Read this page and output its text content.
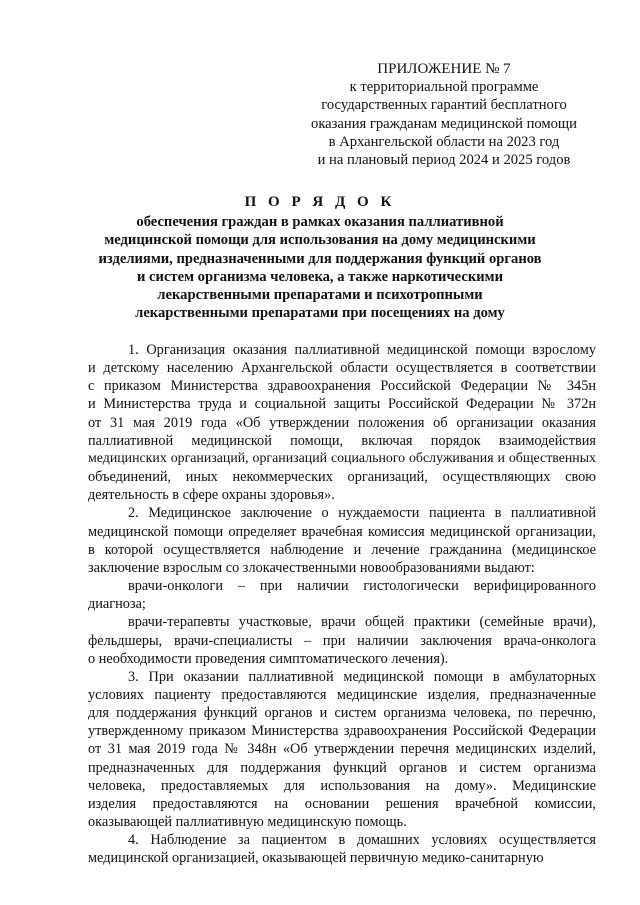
ПРИЛОЖЕНИЕ № 7
к территориальной программе
государственных гарантий бесплатного
оказания гражданам медицинской помощи
в Архангельской области на 2023 год
и на плановый период 2024 и 2025 годов
П О Р Я Д О К
обеспечения граждан в рамках оказания паллиативной
медицинской помощи для использования на дому медицинскими
изделиями, предназначенными для поддержания функций органов
и систем организма человека, а также наркотическими
лекарственными препаратами и психотропными
лекарственными препаратами при посещениях на дому
1. Организация оказания паллиативной медицинской помощи взрослому
и детскому населению Архангельской области осуществляется в соответствии
с приказом Министерства здравоохранения Российской Федерации № 345н
и Министерства труда и социальной защиты Российской Федерации № 372н
от 31 мая 2019 года «Об утверждении положения об организации оказания
паллиативной медицинской помощи, включая порядок взаимодействия
медицинских организаций, организаций социального обслуживания и общественных
объединений, иных некоммерческих организаций, осуществляющих свою
деятельность в сфере охраны здоровья».
2. Медицинское заключение о нуждаемости пациента в паллиативной
медицинской помощи определяет врачебная комиссия медицинской организации,
в которой осуществляется наблюдение и лечение гражданина (медицинское
заключение взрослым со злокачественными новообразованиями выдают:
врачи-онкологи – при наличии гистологически верифицированного
диагноза;
врачи-терапевты участковые, врачи общей практики (семейные врачи),
фельдшеры, врачи-специалисты – при наличии заключения врача-онколога
о необходимости проведения симптоматического лечения).
3. При оказании паллиативной медицинской помощи в амбулаторных
условиях пациенту предоставляются медицинские изделия, предназначенные
для поддержания функций органов и систем организма человека, по перечню,
утвержденному приказом Министерства здравоохранения Российской Федерации
от 31 мая 2019 года № 348н «Об утверждении перечня медицинских изделий,
предназначенных для поддержания функций органов и систем организма
человека, предоставляемых для использования на дому». Медицинские
изделия предоставляются на основании решения врачебной комиссии,
оказывающей паллиативную медицинскую помощь.
4. Наблюдение за пациентом в домашних условиях осуществляется
медицинской организацией, оказывающей первичную медико-санитарную
